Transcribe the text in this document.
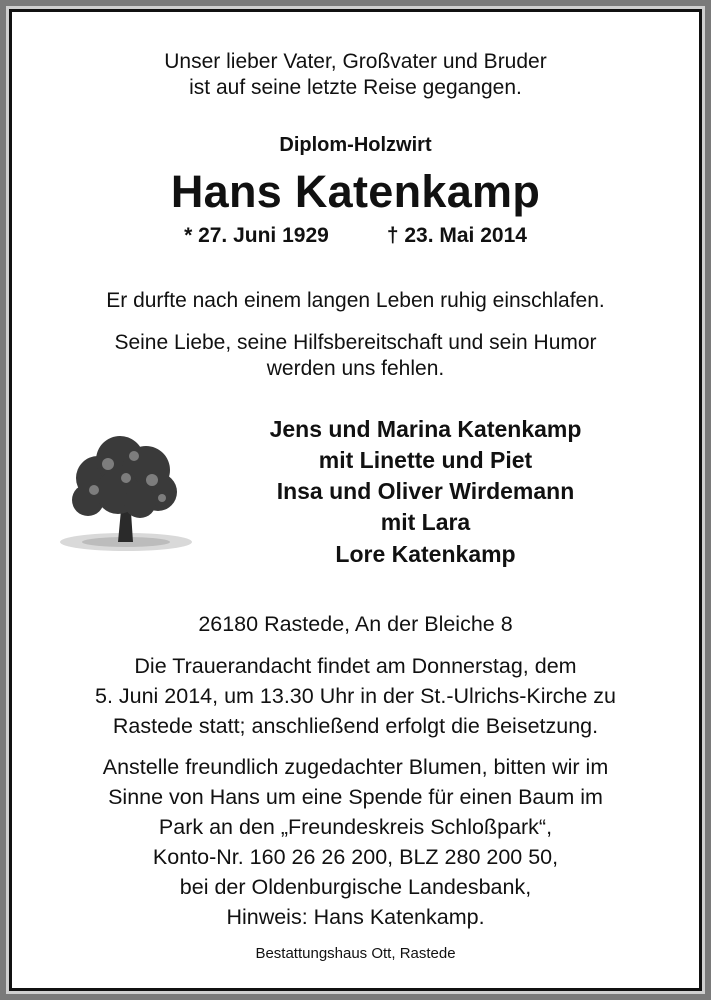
Unser lieber Vater, Großvater und Bruder
ist auf seine letzte Reise gegangen.
Diplom-Holzwirt
Hans Katenkamp
* 27. Juni 1929	† 23. Mai 2014
Er durfte nach einem langen Leben ruhig einschlafen.
Seine Liebe, seine Hilfsbereitschaft und sein Humor
werden uns fehlen.
Jens und Marina Katenkamp
mit Linette und Piet
Insa und Oliver Wirdemann
mit Lara
Lore Katenkamp
26180 Rastede, An der Bleiche 8
Die Trauerandacht findet am Donnerstag, dem
5. Juni 2014, um 13.30 Uhr in der St.-Ulrichs-Kirche zu
Rastede statt; anschließend erfolgt die Beisetzung.
Anstelle freundlich zugedachter Blumen, bitten wir im
Sinne von Hans um eine Spende für einen Baum im
Park an den „Freundeskreis Schloßpark“,
Konto-Nr. 160 26 26 200, BLZ 280 200 50,
bei der Oldenburgische Landesbank,
Hinweis: Hans Katenkamp.
Bestattungshaus Ott, Rastede
